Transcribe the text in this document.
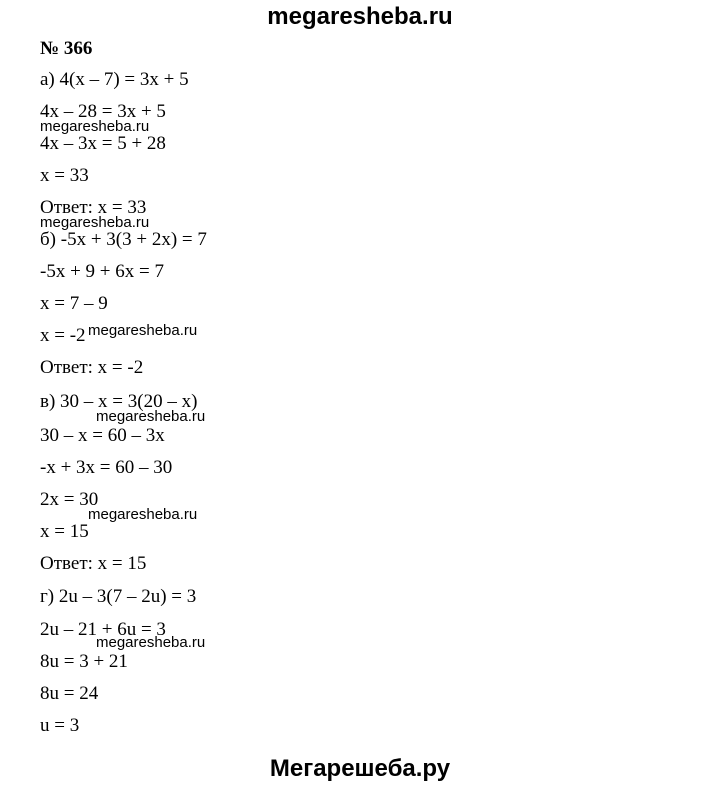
megaresheba.ru
№ 366
а) 4(x – 7) = 3x + 5
4x – 28 = 3x + 5
4x – 3x = 5 + 28
x = 33
Ответ: x = 33
б) -5x + 3(3 + 2x) = 7
-5x + 9 + 6x = 7
x = 7 – 9
x = -2
Ответ: x = -2
в) 30 – x = 3(20 – x)
30 – x = 60 – 3x
-x + 3x = 60 – 30
2x = 30
x = 15
Ответ: x = 15
г) 2u – 3(7 – 2u) = 3
2u – 21 + 6u = 3
8u = 3 + 21
8u = 24
u = 3
megaresheba.ru
megaresheba.ru
megaresheba.ru
megaresheba.ru
megaresheba.ru
megaresheba.ru
Мегарешеба.ру
